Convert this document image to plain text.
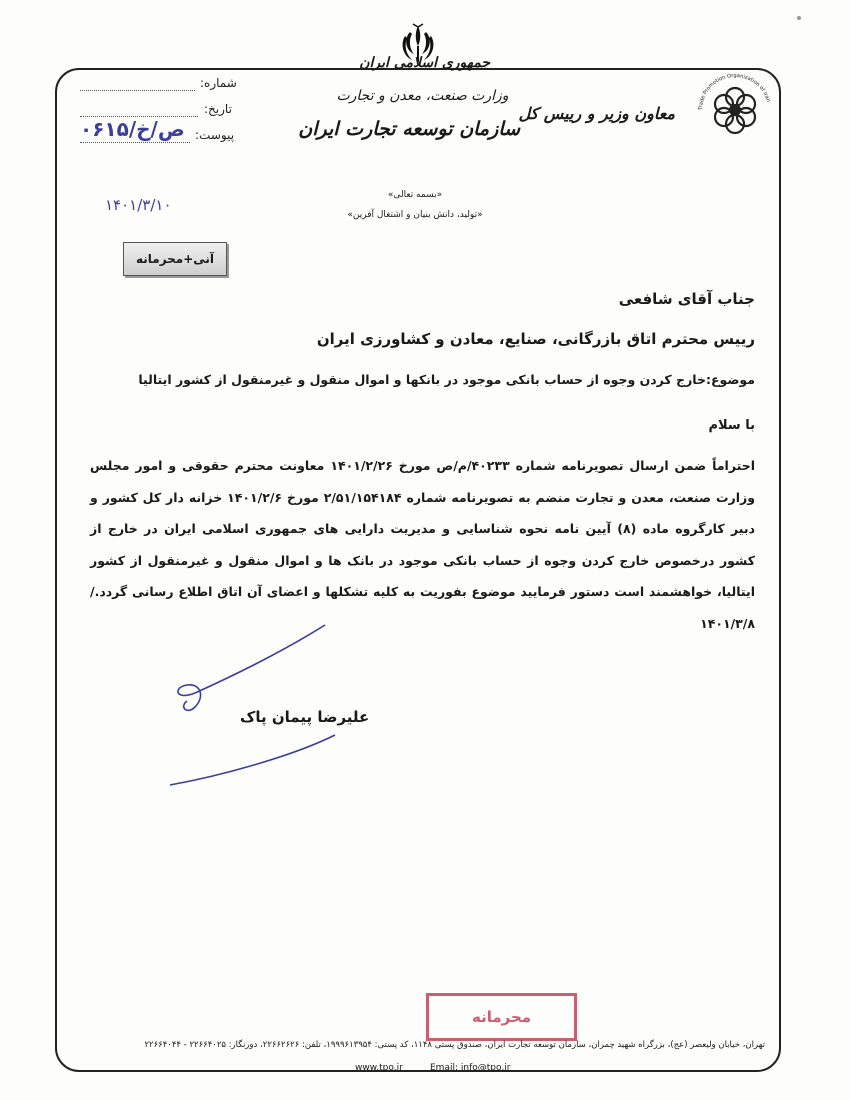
جمهوری اسلامی ایران
وزارت صنعت، معدن و تجارت
سازمان توسعه تجارت ایران
معاون وزیر و رییس کل	Trade Promotion Organization of Iran
شماره:
تاریخ:
پیوست:
۰۶۱۵/خ/ص
۱۴۰۱/۳/۱۰
«بسمه تعالی»
«تولید، دانش بنیان و اشتغال آفرین»
آنی+محرمانه
جناب آقای شافعی
رییس محترم اتاق بازرگانی، صنایع، معادن و کشاورزی ایران
موضوع:خارج کردن وجوه از حساب بانکی موجود در بانکها و اموال منقول و غیرمنقول از کشور ایتالیا
با سلام
احتراماً ضمن ارسال تصویرنامه شماره ۴۰۲۳۳/م/ص مورخ ۱۴۰۱/۲/۲۶ معاونت محترم حقوقی و امور مجلس وزارت صنعت، معدن و تجارت منضم به تصویرنامه شماره ۲/۵۱/۱۵۴۱۸۴ مورخ ۱۴۰۱/۲/۶ خزانه دار کل کشور و دبیر کارگروه ماده (۸) آیین نامه نحوه شناسایی و مدیریت دارایی های جمهوری اسلامی ایران در خارج از کشور درخصوص خارج کردن وجوه از حساب بانکی موجود در بانک ها و اموال منقول و غیرمنقول از کشور ایتالیا، خواهشمند است دستور فرمایید موضوع بفوریت به کلیه تشکلها و اعضای آن اتاق اطلاع رسانی گردد./۱۴۰۱/۳/۸
علیرضا پیمان پاک
محرمانه
تهران، خیابان ولیعصر (عج)، بزرگراه شهید چمران، سازمان توسعه تجارت ایران، صندوق پستی ۱۱۴۸، کد پستی: ۱۹۹۹۶۱۳۹۵۴، تلفن: ۲۲۶۶۲۶۲۶، دورنگار: ۲۲۶۶۴۰۲۵ - ۲۲۶۶۴۰۴۴
www.tpo.ir	Email: info@tpo.ir
